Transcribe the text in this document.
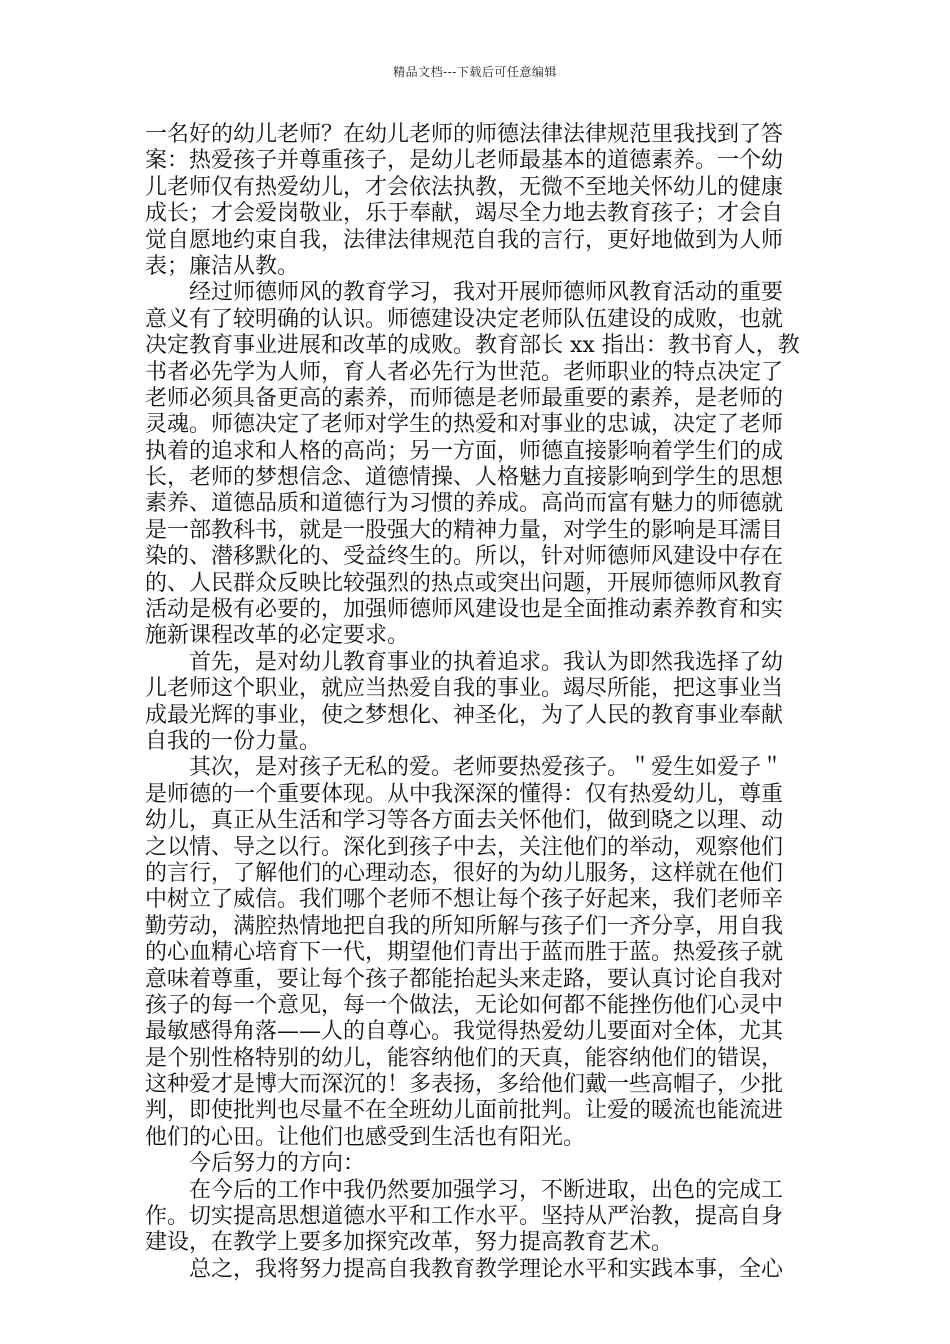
精品文档---下载后可任意编辑
一名好的幼儿老师？在幼儿老师的师德法律法律规范里我找到了答
案：热爱孩子并尊重孩子，是幼儿老师最基本的道德素养。一个幼
儿老师仅有热爱幼儿，才会依法执教，无微不至地关怀幼儿的健康
成长；才会爱岗敬业，乐于奉献，竭尽全力地去教育孩子；才会自
觉自愿地约束自我，法律法律规范自我的言行，更好地做到为人师
表；廉洁从教。
经过师德师风的教育学习，我对开展师德师风教育活动的重要
意义有了较明确的认识。师德建设决定老师队伍建设的成败，也就
决定教育事业进展和改革的成败。教育部长 xx 指出：教书育人，教
书者必先学为人师，育人者必先行为世范。老师职业的特点决定了
老师必须具备更高的素养，而师德是老师最重要的素养，是老师的
灵魂。师德决定了老师对学生的热爱和对事业的忠诚，决定了老师
执着的追求和人格的高尚；另一方面，师德直接影响着学生们的成
长，老师的梦想信念、道德情操、人格魅力直接影响到学生的思想
素养、道德品质和道德行为习惯的养成。高尚而富有魅力的师德就
是一部教科书，就是一股强大的精神力量，对学生的影响是耳濡目
染的、潜移默化的、受益终生的。所以，针对师德师风建设中存在
的、人民群众反映比较强烈的热点或突出问题，开展师德师风教育
活动是极有必要的，加强师德师风建设也是全面推动素养教育和实
施新课程改革的必定要求。
首先，是对幼儿教育事业的执着追求。我认为即然我选择了幼
儿老师这个职业，就应当热爱自我的事业。竭尽所能，把这事业当
成最光辉的事业，使之梦想化、神圣化，为了人民的教育事业奉献
自我的一份力量。
其次，是对孩子无私的爱。老师要热爱孩子。＂爱生如爱子＂
是师德的一个重要体现。从中我深深的懂得：仅有热爱幼儿，尊重
幼儿，真正从生活和学习等各方面去关怀他们，做到晓之以理、动
之以情、导之以行。深化到孩子中去，关注他们的举动，观察他们
的言行，了解他们的心理动态，很好的为幼儿服务，这样就在他们
中树立了威信。我们哪个老师不想让每个孩子好起来，我们老师辛
勤劳动，满腔热情地把自我的所知所解与孩子们一齐分享，用自我
的心血精心培育下一代，期望他们青出于蓝而胜于蓝。热爱孩子就
意味着尊重，要让每个孩子都能抬起头来走路，要认真讨论自我对
孩子的每一个意见，每一个做法，无论如何都不能挫伤他们心灵中
最敏感得角落——人的自尊心。我觉得热爱幼儿要面对全体，尤其
是个别性格特别的幼儿，能容纳他们的天真，能容纳他们的错误，
这种爱才是博大而深沉的！多表扬，多给他们戴一些高帽子，少批
判，即使批判也尽量不在全班幼儿面前批判。让爱的暖流也能流进
他们的心田。让他们也感受到生活也有阳光。
今后努力的方向：
在今后的工作中我仍然要加强学习，不断进取，出色的完成工
作。切实提高思想道德水平和工作水平。坚持从严治教，提高自身
建设，在教学上要多加探究改革，努力提高教育艺术。
总之，我将努力提高自我教育教学理论水平和实践本事，全心
